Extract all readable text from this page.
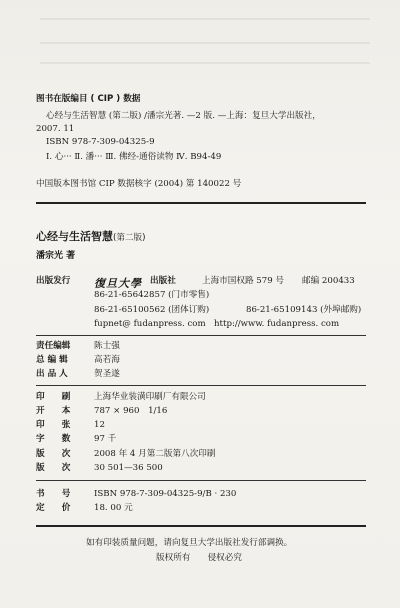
图书在版编目 ( CIP ) 数据
心经与生活智慧 (第二版) /潘宗光著. —2 版. —上海：复旦大学出版社，
2007. 11
ISBN 978-7-309-04325-9
Ⅰ. 心··· Ⅱ. 潘··· Ⅲ. 佛经-通俗读物 Ⅳ. B94-49
中国版本图书馆 CIP 数据核字 (2004) 第 140022 号
心经与生活智慧(第二版)
潘宗光 著
出版发行 復旦大學 出版社	上海市国权路 579 号 邮编 200433
86-21-65642857 (门市零售)
86-21-65100562 (团体订购)	86-21-65109143 (外埠邮购)
fupnet@ fudanpress. com http://www. fudanpress. com
责任编辑	陈士强
总 编 辑	高若海
出 品 人	贺圣遂
印　　刷	上海华业装潢印刷厂有限公司
开　　本	787 × 960　1/16
印　　张	12
字　　数	97 千
版　　次	2008 年 4 月第二版第八次印刷
版　　次	30 501—36 500
书　　号	ISBN 978-7-309-04325-9/B · 230
定　　价	18. 00 元
如有印装质量问题，请向复旦大学出版社发行部调换。
版权所有　　侵权必究
